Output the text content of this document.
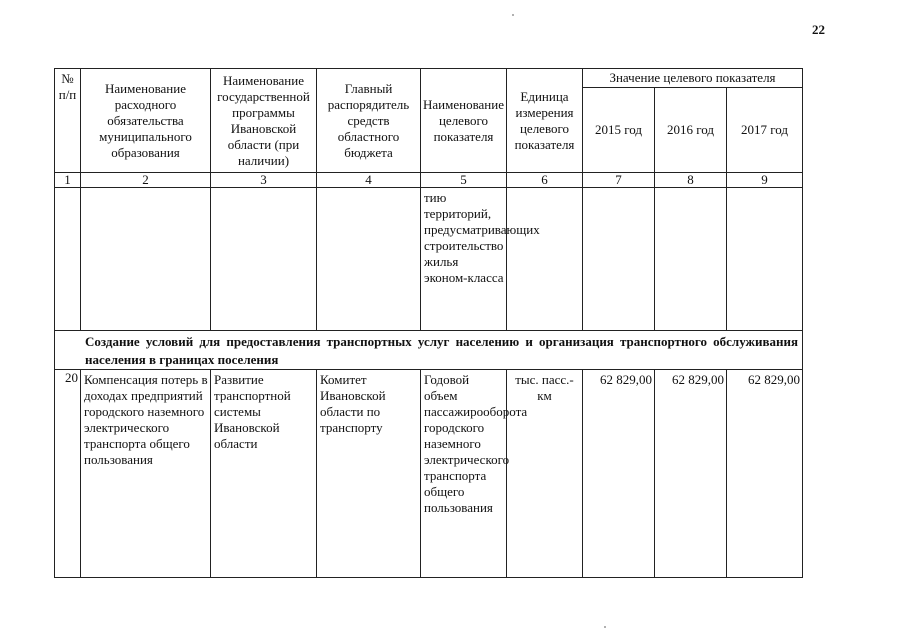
22
№ п/п	Наименование расходного обязательства муниципального образования	Наименование государственной программы Ивановской области (при наличии)	Главный распорядитель средств областного бюджета	Наименование целевого показателя	Единица измерения целевого показателя	Значение целевого показателя		
						2015 год	2016 год	2017 год
1	2	3	4	5	6	7	8	9
				тию территорий, предусматривающих строительство жилья эконом-класса				
Создание условий для предоставления транспортных услуг населению и организация транспортного обслуживания населения в границах поселения								
20	Компенсация потерь в доходах предприятий городского наземного электрического транспорта общего пользования	Развитие транспортной системы Ивановской области	Комитет Ивановской области по транспорту	Годовой объем пассажирооборота городского наземного электрического транспорта общего пользования	тыс. пасс.-км	62 829,00	62 829,00	62 829,00
